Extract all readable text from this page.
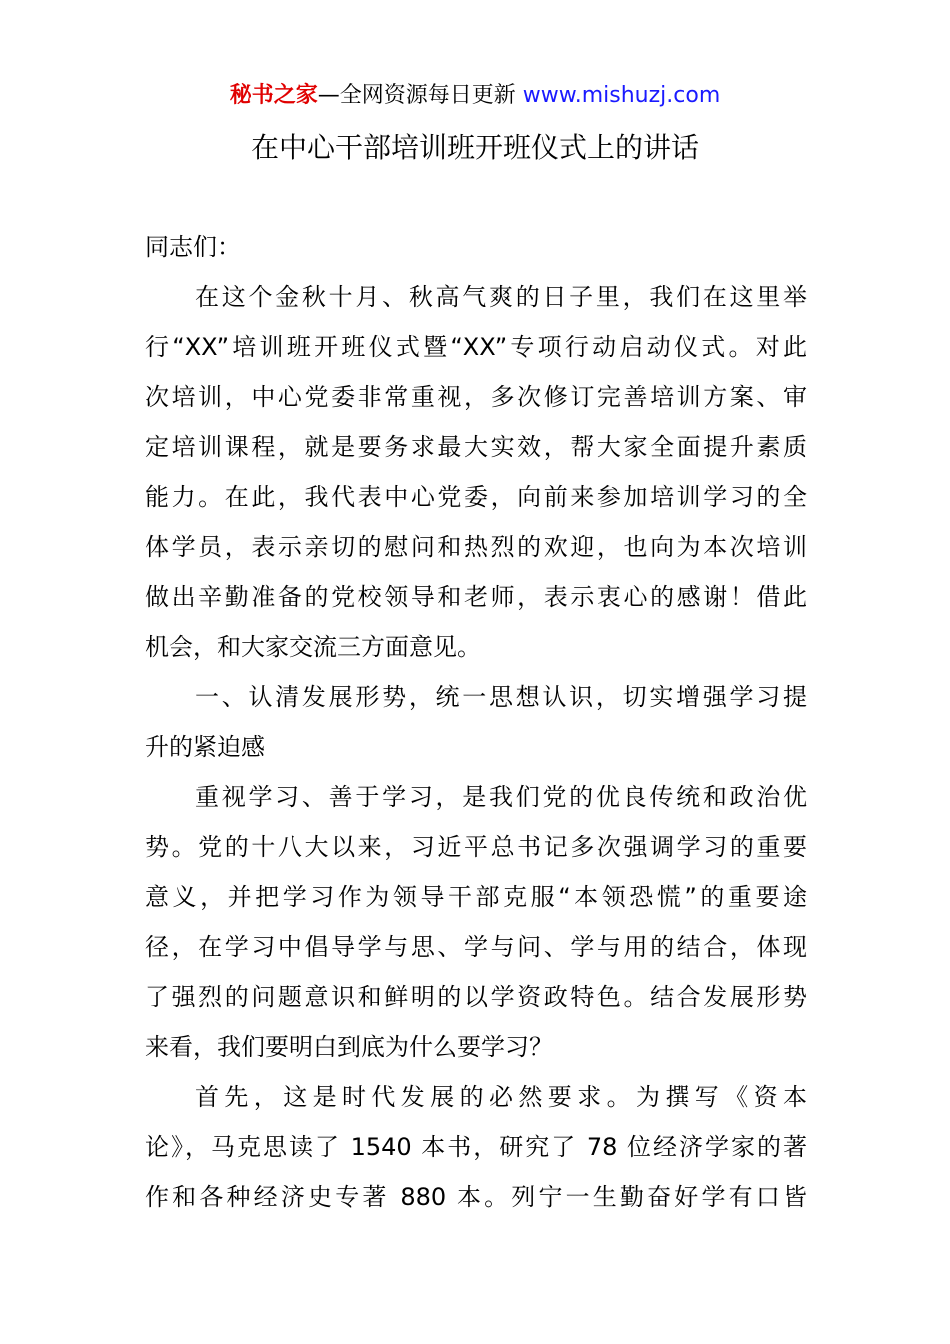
秘书之家—全网资源每日更新 www.mishuzj.com
在中心干部培训班开班仪式上的讲话
同志们：
在这个金秋十月、秋高气爽的日子里，我们在这里举
行“XX”培训班开班仪式暨“XX”专项行动启动仪式。对此
次培训，中心党委非常重视，多次修订完善培训方案、审
定培训课程，就是要务求最大实效，帮大家全面提升素质
能力。在此，我代表中心党委，向前来参加培训学习的全
体学员，表示亲切的慰问和热烈的欢迎，也向为本次培训
做出辛勤准备的党校领导和老师，表示衷心的感谢！借此
机会，和大家交流三方面意见。
一、认清发展形势，统一思想认识，切实增强学习提
升的紧迫感
重视学习、善于学习，是我们党的优良传统和政治优
势。党的十八大以来，习近平总书记多次强调学习的重要
意义，并把学习作为领导干部克服“本领恐慌”的重要途
径，在学习中倡导学与思、学与问、学与用的结合，体现
了强烈的问题意识和鲜明的以学资政特色。结合发展形势
来看，我们要明白到底为什么要学习？
首先，这是时代发展的必然要求。为撰写《资本
论》，马克思读了 1540 本书，研究了 78 位经济学家的著
作和各种经济史专著 880 本。列宁一生勤奋好学有口皆
